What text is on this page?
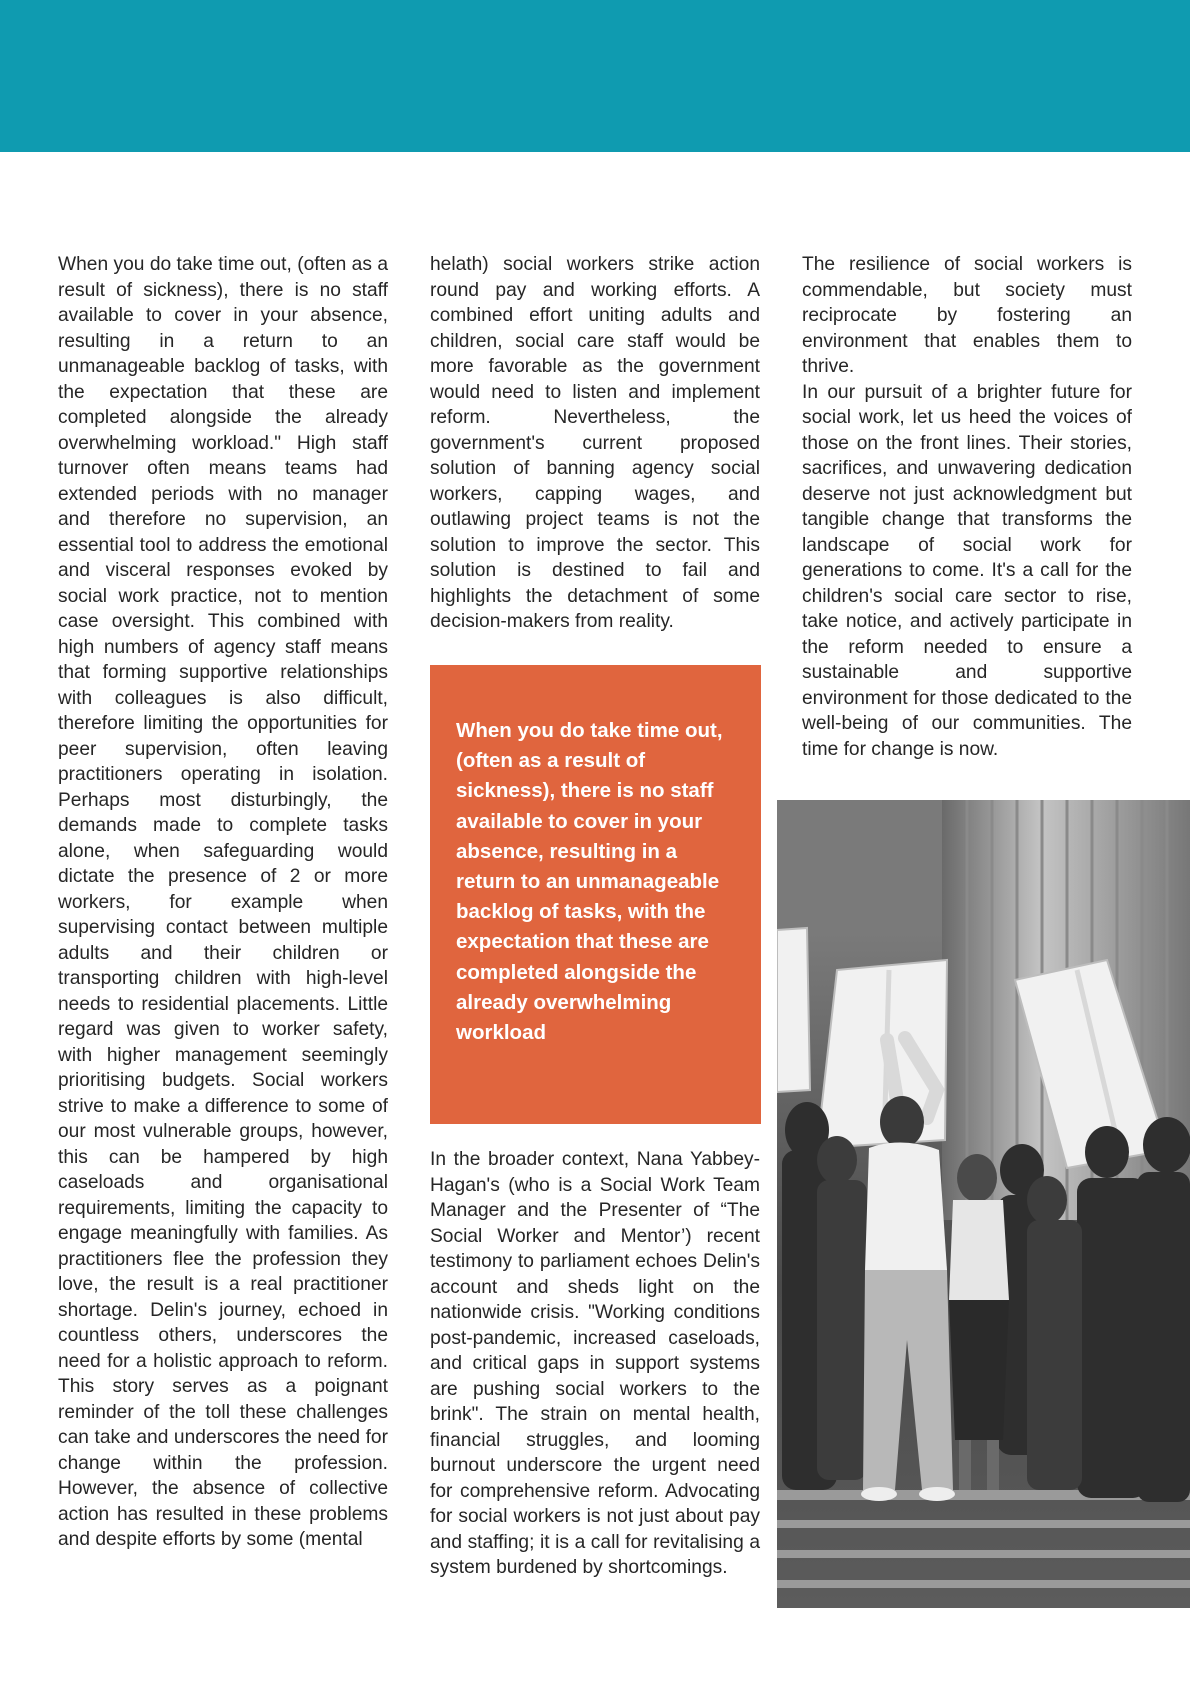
When you do take time out, (often as a result of sickness), there is no staff available to cover in your absence, resulting in a return to an unmanageable backlog of tasks, with the expectation that these are completed alongside the already overwhelming workload." High staff turnover often means teams had extended periods with no manager and therefore no supervision, an essential tool to address the emotional and visceral responses evoked by social work practice, not to mention case oversight. This combined with high numbers of agency staff means that forming supportive relationships with colleagues is also difficult, therefore limiting the opportunities for peer supervision, often leaving practitioners operating in isolation. Perhaps most disturbingly, the demands made to complete tasks alone, when safeguarding would dictate the presence of 2 or more workers, for example when supervising contact between multiple adults and their children or transporting children with high-level needs to residential placements. Little regard was given to worker safety, with higher management seemingly prioritising budgets. Social workers strive to make a difference to some of our most vulnerable groups, however, this can be hampered by high caseloads and organisational requirements, limiting the capacity to engage meaningfully with families. As practitioners flee the profession they love, the result is a real practitioner shortage. Delin's journey, echoed in countless others, underscores the need for a holistic approach to reform. This story serves as a poignant reminder of the toll these challenges can take and underscores the need for change within the profession. However, the absence of collective action has resulted in these problems and despite efforts by some (mental

helath) social workers strike action round pay and working efforts. A combined effort uniting adults and children, social care staff would be more favorable as the government would need to listen and implement reform. Nevertheless, the government's current proposed solution of banning agency social workers, capping wages, and outlawing project teams is not the solution to improve the sector. This solution is destined to fail and highlights the detachment of some decision-makers from reality.

When you do take time out, (often as a result of sickness), there is no staff available to cover in your absence, resulting in a return to an unmanageable backlog of tasks, with the expectation that these are completed alongside the already overwhelming workload

In the broader context, Nana Yabbey-Hagan's (who is a Social Work Team Manager and the Presenter of “The Social Worker and Mentor’) recent testimony to parliament echoes Delin's account and sheds light on the nationwide crisis. "Working conditions post-pandemic, increased caseloads, and critical gaps in support systems are pushing social workers to the brink". The strain on mental health, financial struggles, and looming burnout underscore the urgent need for comprehensive reform. Advocating for social workers is not just about pay and staffing; it is a call for revitalising a system burdened by shortcomings.

The resilience of social workers is commendable, but society must reciprocate by fostering an environment that enables them to thrive.

In our pursuit of a brighter future for social work, let us heed the voices of those on the front lines. Their stories, sacrifices, and unwavering dedication deserve not just acknowledgment but tangible change that transforms the landscape of social work for generations to come. It's a call for the children's social care sector to rise, take notice, and actively participate in the reform needed to ensure a sustainable and supportive environment for those dedicated to the well-being of our communities. The time for change is now.
